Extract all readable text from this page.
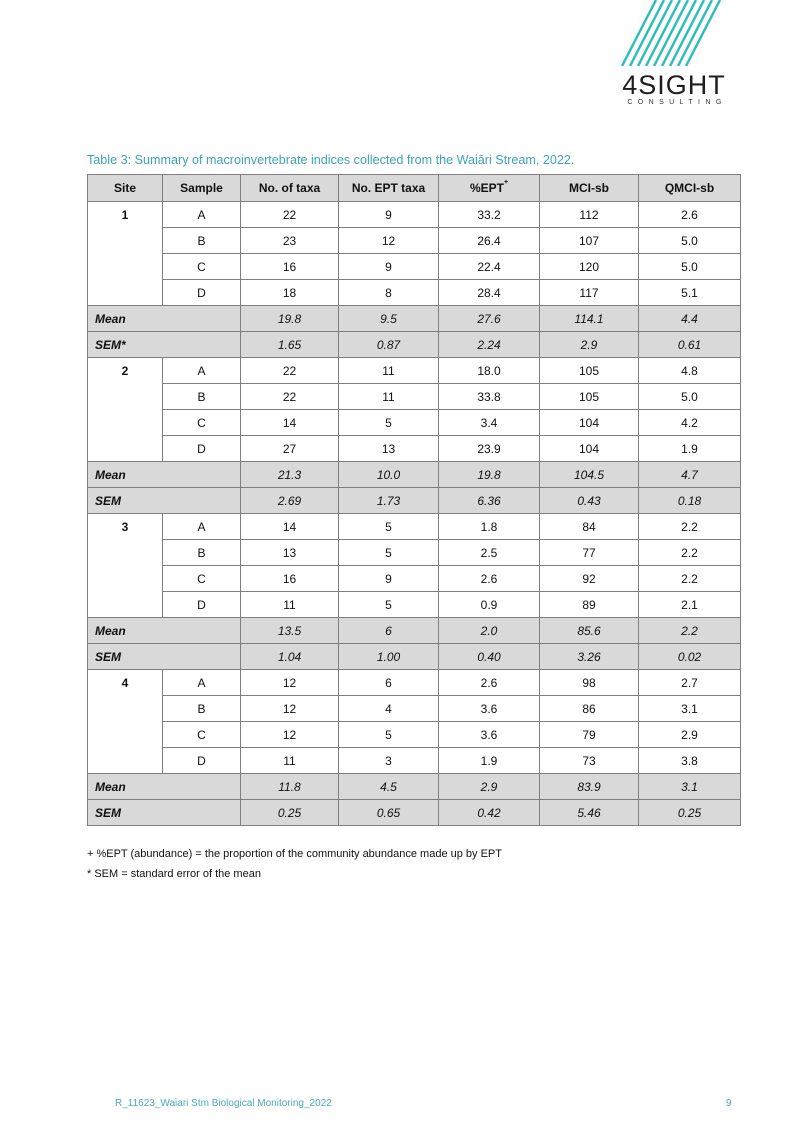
4SIGHT
CONSULTING
Table 3: Summary of macroinvertebrate indices collected from the Waiāri Stream, 2022.
Site	Sample	No. of taxa	No. EPT taxa	%EPT+	MCI-sb	QMCI-sb
1	A	22	9	33.2	112	2.6
	B	23	12	26.4	107	5.0
	C	16	9	22.4	120	5.0
	D	18	8	28.4	117	5.1
Mean		19.8	9.5	27.6	114.1	4.4
SEM*		1.65	0.87	2.24	2.9	0.61
2	A	22	11	18.0	105	4.8
	B	22	11	33.8	105	5.0
	C	14	5	3.4	104	4.2
	D	27	13	23.9	104	1.9
Mean		21.3	10.0	19.8	104.5	4.7
SEM		2.69	1.73	6.36	0.43	0.18
3	A	14	5	1.8	84	2.2
	B	13	5	2.5	77	2.2
	C	16	9	2.6	92	2.2
	D	11	5	0.9	89	2.1
Mean		13.5	6	2.0	85.6	2.2
SEM		1.04	1.00	0.40	3.26	0.02
4	A	12	6	2.6	98	2.7
	B	12	4	3.6	86	3.1
	C	12	5	3.6	79	2.9
	D	11	3	1.9	73	3.8
Mean		11.8	4.5	2.9	83.9	3.1
SEM		0.25	0.65	0.42	5.46	0.25
+ %EPT (abundance) = the proportion of the community abundance made up by EPT
* SEM = standard error of the mean
R_11623_Waiari Stm Biological Monitoring_2022	9
